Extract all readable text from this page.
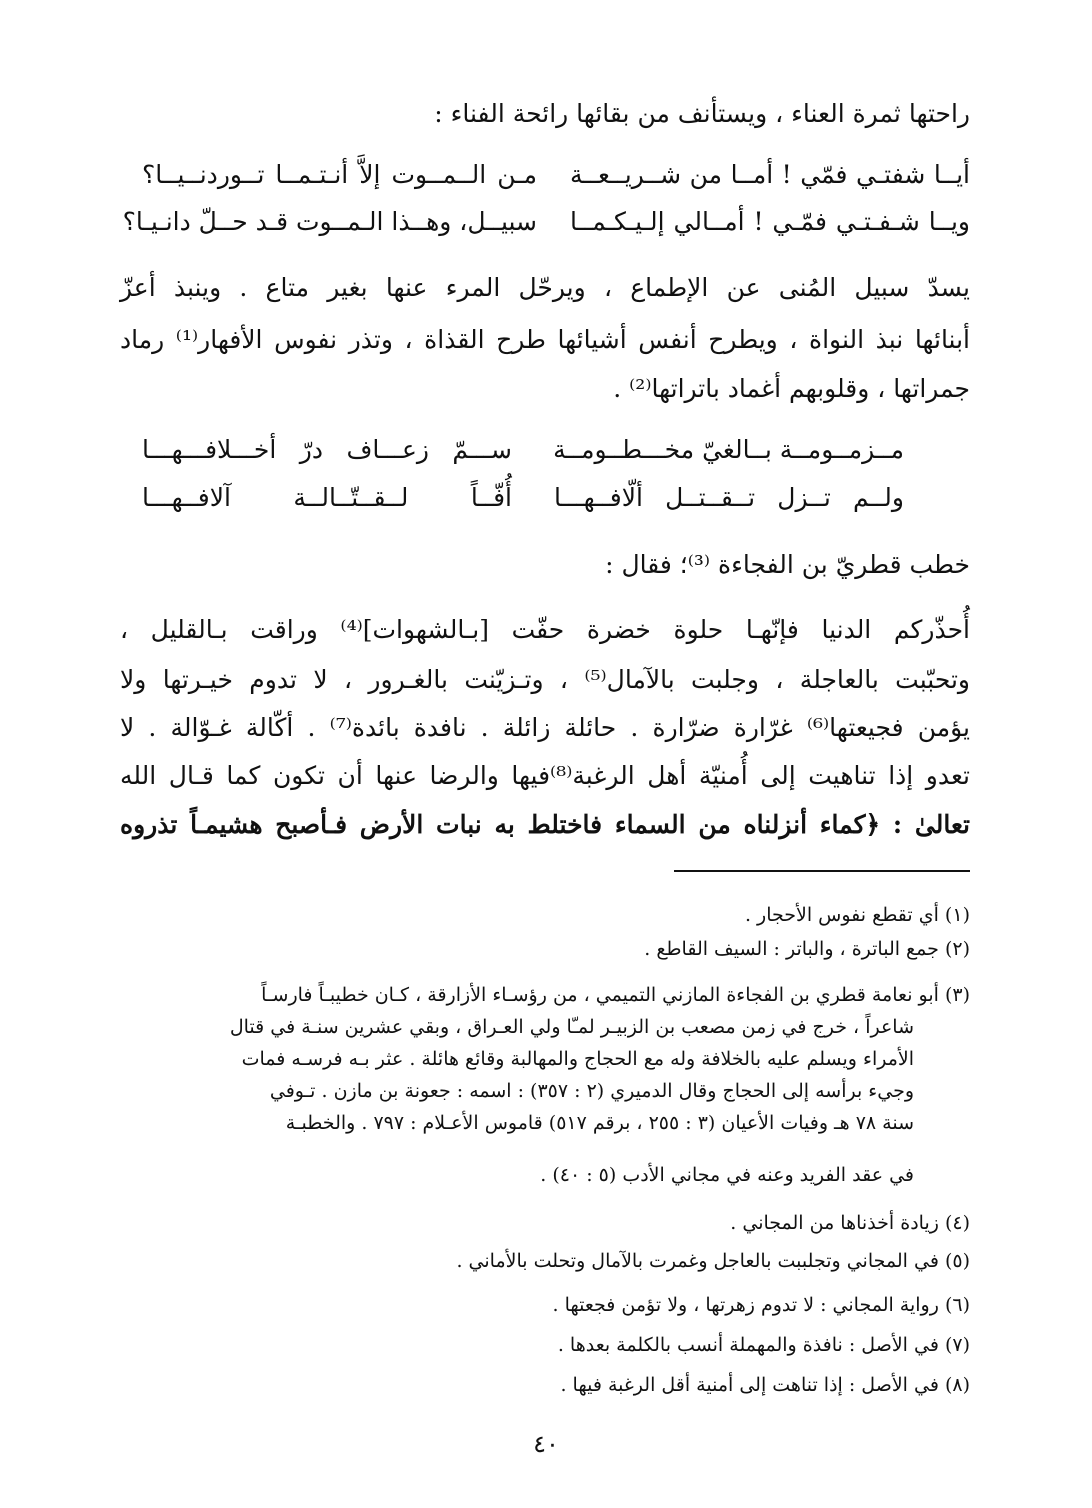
راحتها ثمرة العناء ، ويستأنف من بقائها رائحة الفناء :
أيــا شفتـي فمّي ! أمــا من شــريــعــة
مـن الــمــوت إلاَّ أنـتـمــا تــوردنــيــا؟
ويــا شـفـتـي فمّـي ! أمــالي إلـيـكـمــا
سبيــل، وهــذا الـمــوت قـد حــلّ دانـيـا؟
يسدّ سبيل المُنى عن الإطماع ، ويرحّل المرء عنها بغير متاع . وينبذ أعزّ
أبنائها نبذ النواة ، ويطرح أنفس أشيائها طرح القذاة ، وتذر نفوس الأفهار⁽¹⁾ رماد
جمراتها ، وقلوبهم أغماد باتراتها⁽²⁾ .
مــزمــومــة بــالغيّ مخـــطــومــة
ســـمّ زعـــاف درّ أخـــلافـــهـــا
ولــم تــزل تــقــتــل ألّافــهـــا
أُفّــاً لــقــتّــالــة آلافــهـــا
خطب قطريّ بن الفجاءة ⁽³⁾؛ فقال :
أُحذّركم الدنيا فإنّهـا حلوة خضرة حفّت [بـالشهوات]⁽⁴⁾ وراقت بـالقليل ،
وتحبّبت بالعاجلة ، وجلبت بالآمال⁽⁵⁾ ، وتـزيّنت بالغـرور ، لا تدوم خيـرتها ولا
يؤمن فجيعتها⁽⁶⁾ غرّارة ضرّارة . حائلة زائلة . نافدة بائدة⁽⁷⁾ . أكّالة غـوّالة . لا
تعدو إذا تناهيت إلى أُمنيّة أهل الرغبة⁽⁸⁾فيها والرضا عنها أن تكون كما قـال الله
تعالىٰ : ﴿كماء أنزلناه من السماء فاختلط به نبات الأرض فـأصبح هشيمـاً تذروه
(١) أي تقطع نفوس الأحجار .
(٢) جمع الباترة ، والباتر : السيف القاطع .
(٣) أبو نعامة قطري بن الفجاءة المازني التميمي ، من رؤسـاء الأزارقة ، كـان خطيبـاً فارسـاً
شاعراً ، خرج في زمن مصعب بن الزبيـر لمـّا ولي العـراق ، وبقي عشرين سنـة في قتال
الأمراء ويسلم عليه بالخلافة وله مع الحجاج والمهالبة وقائع هائلة . عثر بـه فرسـه فمات
وجيء برأسه إلى الحجاج وقال الدميري (٢ : ٣٥٧) : اسمه : جعونة بن مازن . تـوفي
سنة ٧٨ هـ وفيات الأعيان (٣ : ٢٥٥ ، برقم ٥١٧) قاموس الأعـلام : ٧٩٧ . والخطبـة
في عقد الفريد وعنه في مجاني الأدب (٥ : ٤٠) .
(٤) زيادة أخذناها من المجاني .
(٥) في المجاني وتجلببت بالعاجل وغمرت بالآمال وتحلت بالأماني .
(٦) رواية المجاني : لا تدوم زهرتها ، ولا تؤمن فجعتها .
(٧) في الأصل : نافذة والمهملة أنسب بالكلمة بعدها .
(٨) في الأصل : إذا تناهت إلى أمنية أقل الرغبة فيها .
٤٠
